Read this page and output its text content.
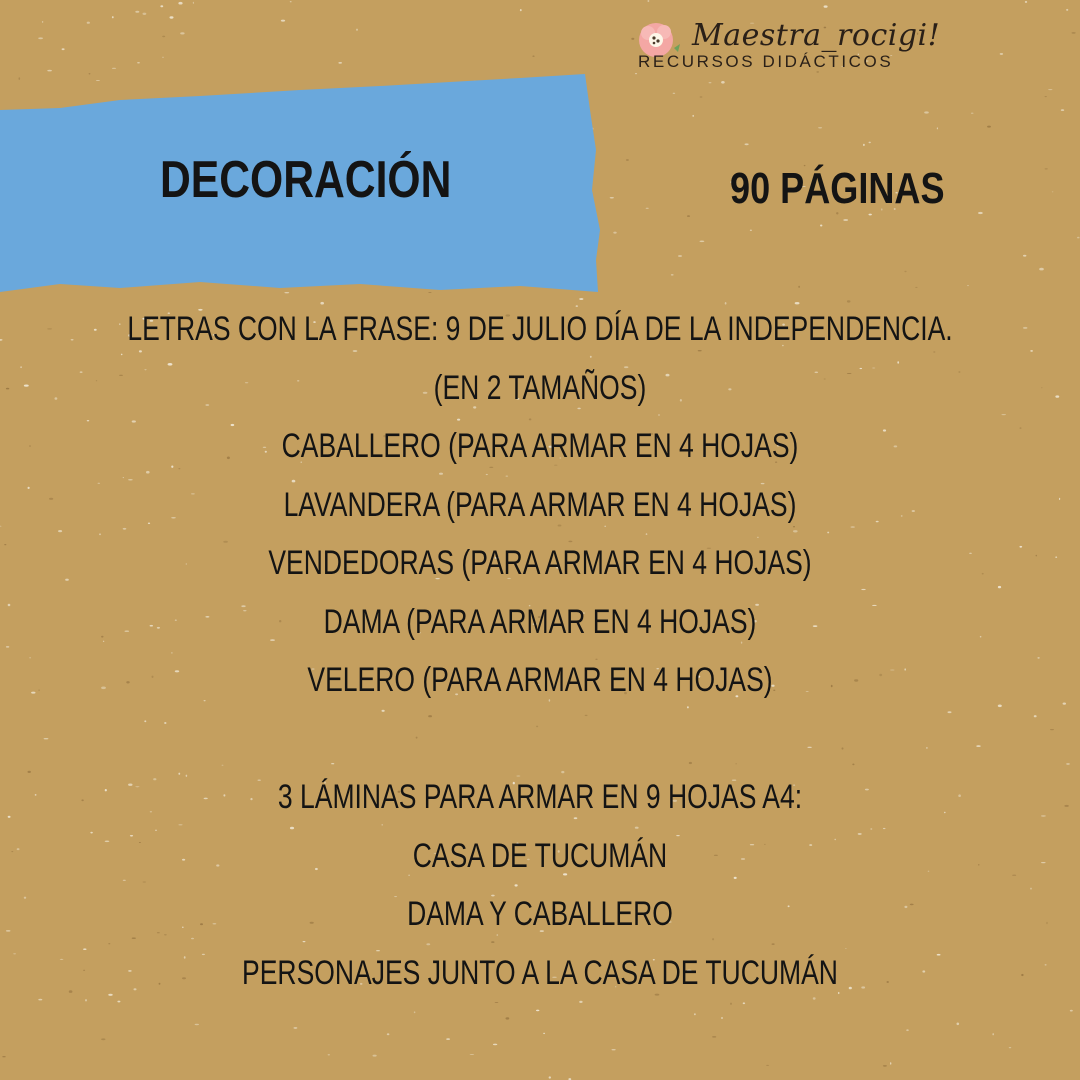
Maestra_rocigi!
RECURSOS DIDÁCTICOS
DECORACIÓN	90 PÁGINAS
LETRAS CON LA FRASE: 9 DE JULIO DÍA DE LA INDEPENDENCIA.
(EN 2 TAMAÑOS)
CABALLERO (PARA ARMAR EN 4 HOJAS)
LAVANDERA (PARA ARMAR EN 4 HOJAS)
VENDEDORAS (PARA ARMAR EN 4 HOJAS)
DAMA (PARA ARMAR EN 4 HOJAS)
VELERO (PARA ARMAR EN 4 HOJAS)
3 LÁMINAS PARA ARMAR EN 9 HOJAS A4:
CASA DE TUCUMÁN
DAMA Y CABALLERO
PERSONAJES JUNTO A LA CASA DE TUCUMÁN
